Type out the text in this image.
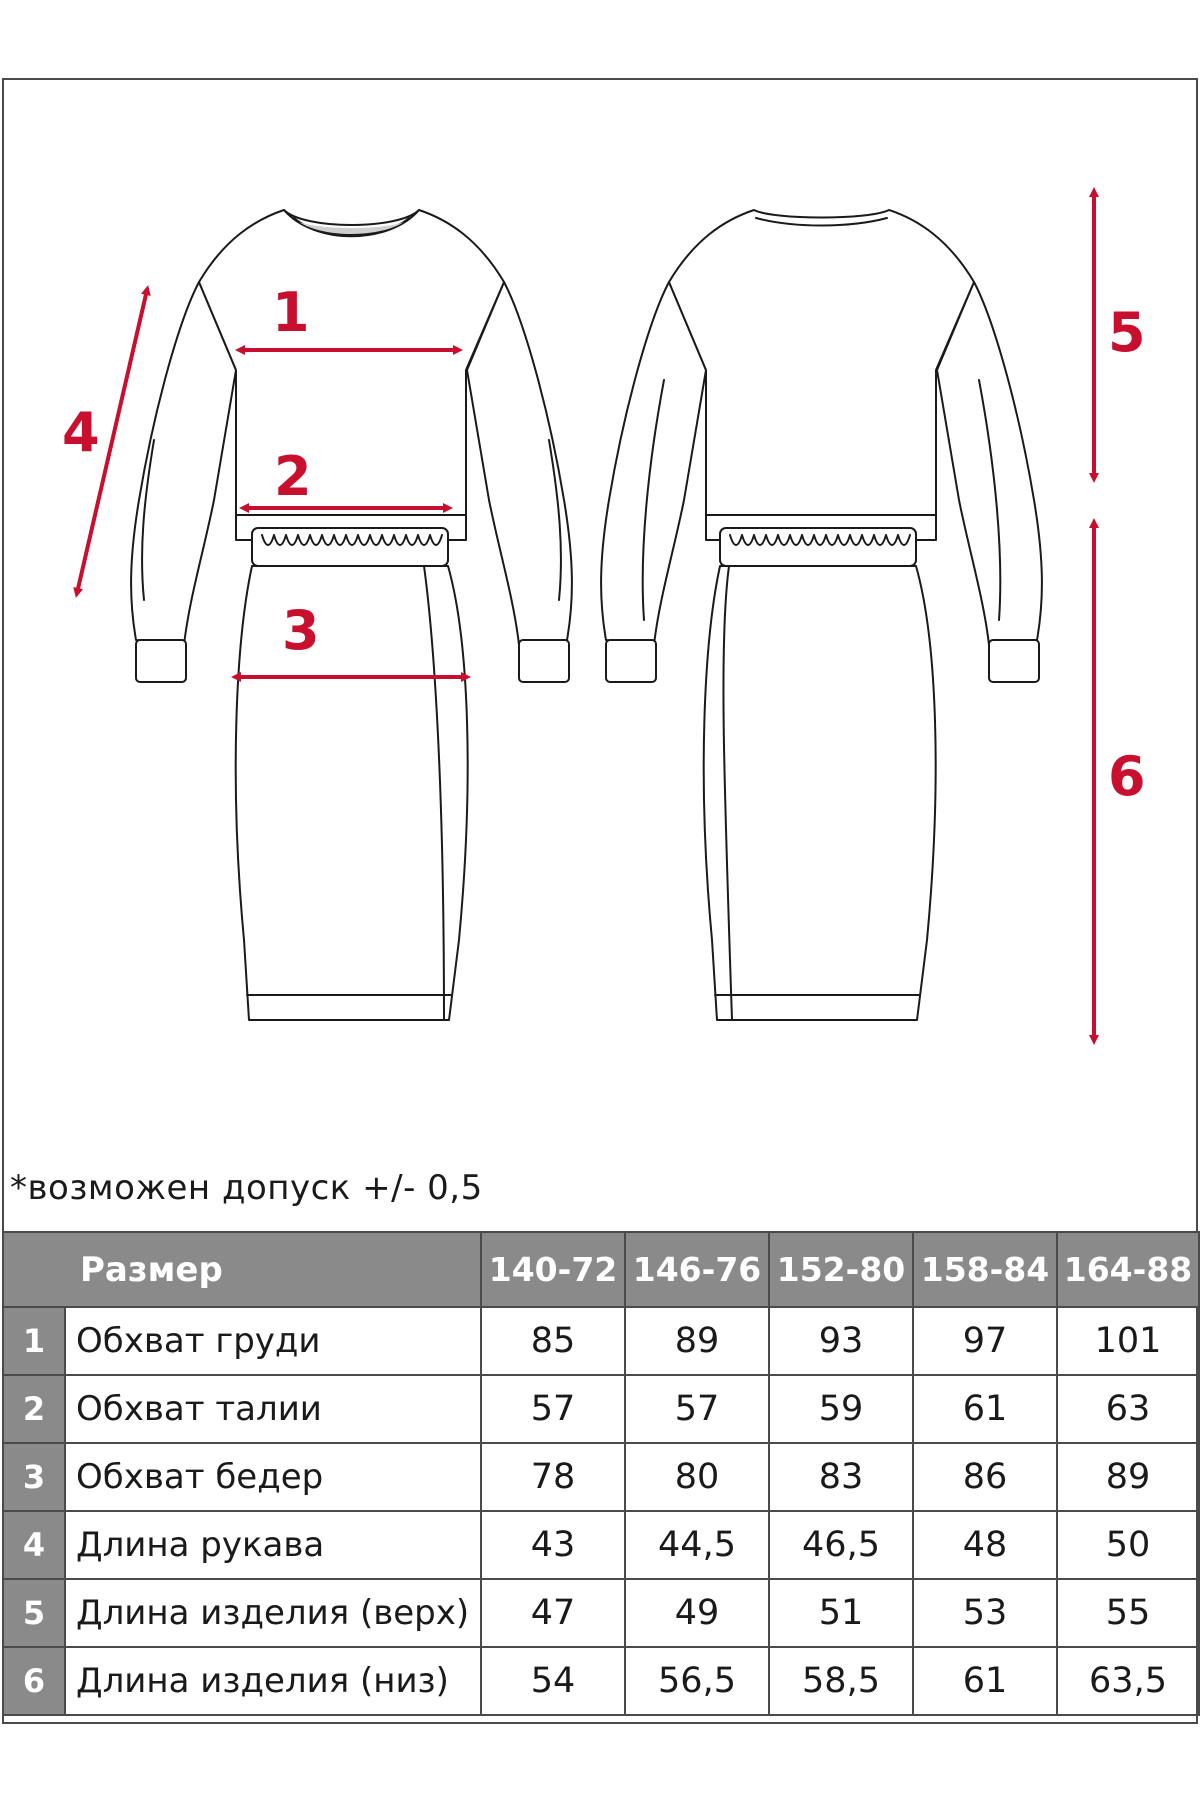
1
2
3
4
5
6
*возможен допуск +/- 0,5
Размер		140-72	146-76	152-80	158-84	164-88
1	Обхват груди	85	89	93	97	101
2	Обхват талии	57	57	59	61	63
3	Обхват бедер	78	80	83	86	89
4	Длина рукава	43	44,5	46,5	48	50
5	Длина изделия (верх)	47	49	51	53	55
6	Длина изделия (низ)	54	56,5	58,5	61	63,5
